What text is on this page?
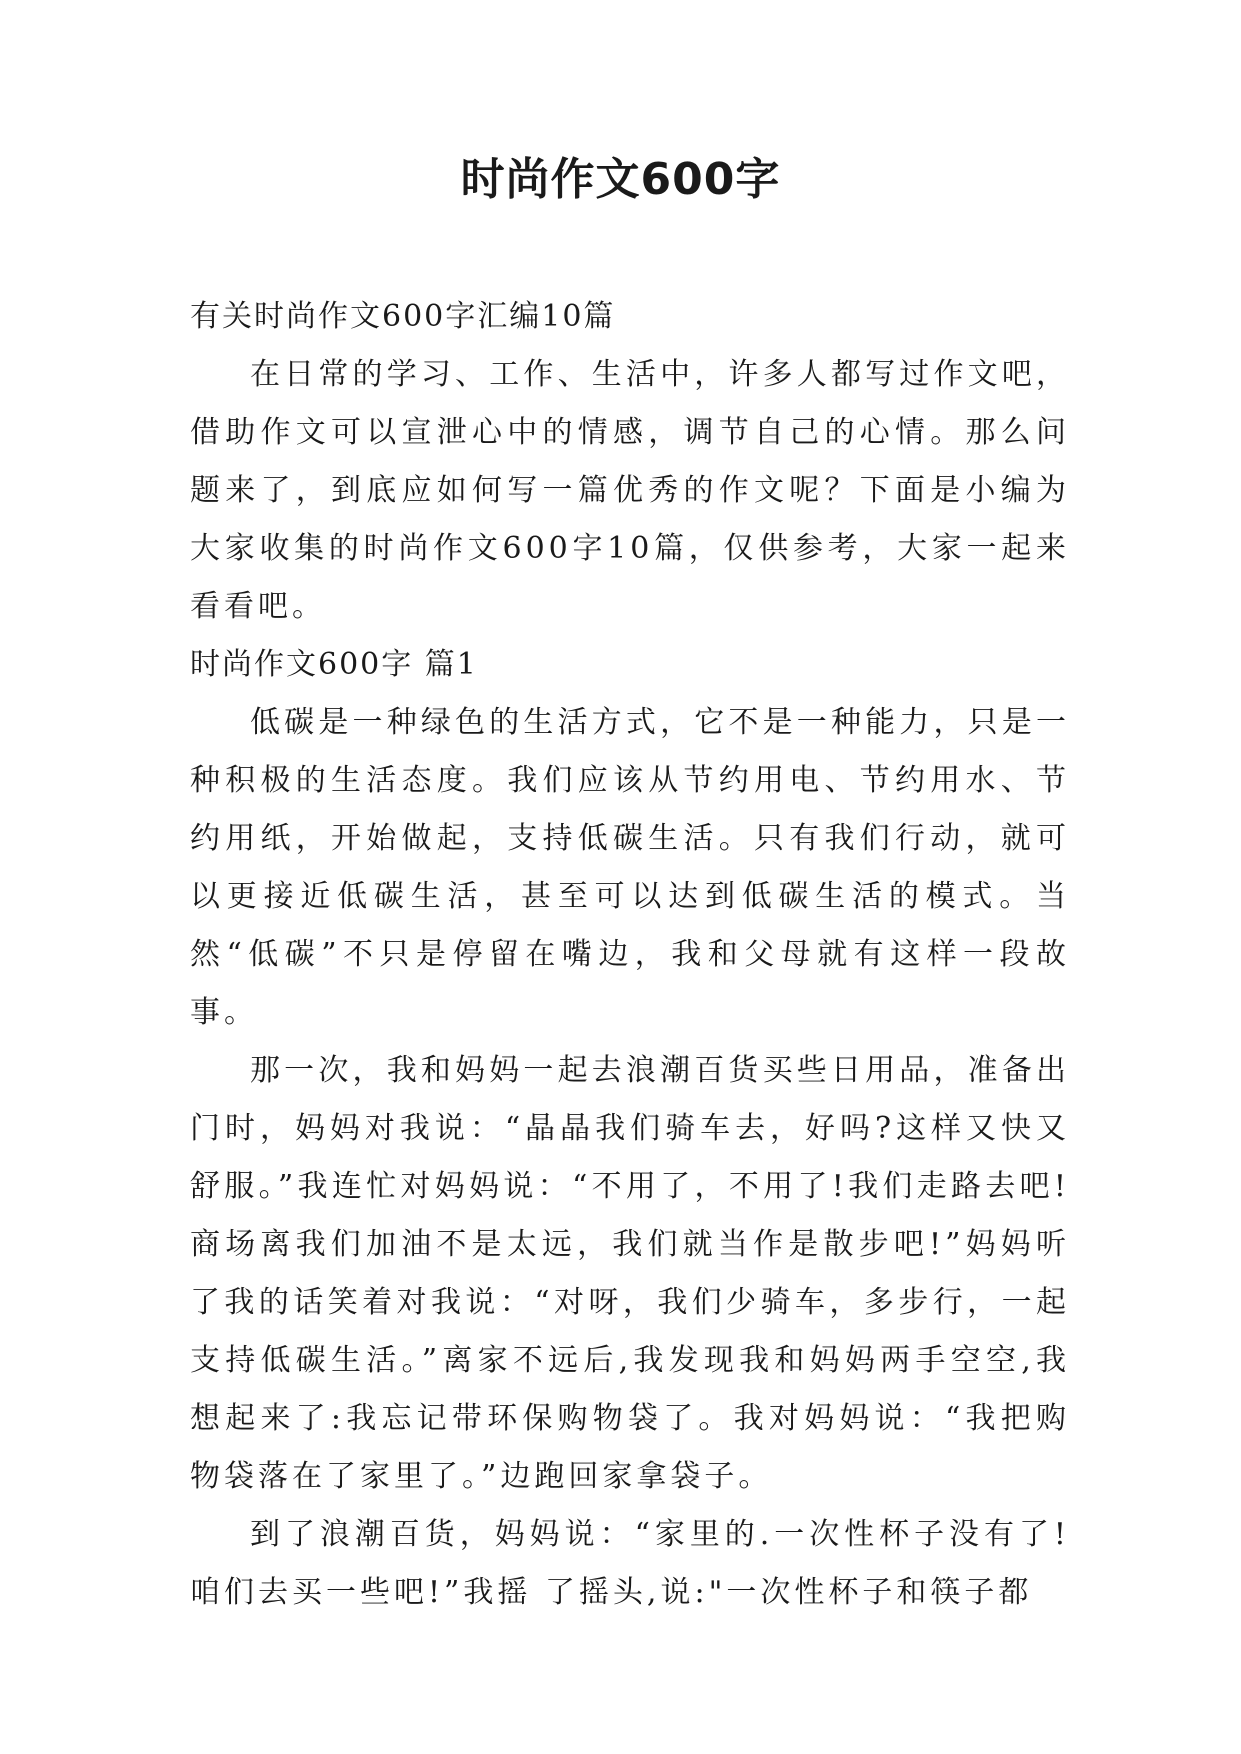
时尚作文600字

有关时尚作文600字汇编10篇

在日常的学习、工作、生活中，许多人都写过作文吧，借助作文可以宣泄心中的情感，调节自己的心情。那么问题来了，到底应如何写一篇优秀的作文呢？下面是小编为大家收集的时尚作文600字10篇，仅供参考，大家一起来看看吧。

时尚作文600字 篇1

低碳是一种绿色的生活方式，它不是一种能力，只是一种积极的生活态度。我们应该从节约用电、节约用水、节约用纸，开始做起，支持低碳生活。只有我们行动，就可以更接近低碳生活，甚至可以达到低碳生活的模式。当然“低碳”不只是停留在嘴边，我和父母就有这样一段故事。

那一次，我和妈妈一起去浪潮百货买些日用品，准备出门时，妈妈对我说：“晶晶我们骑车去，好吗?这样又快又舒服。”我连忙对妈妈说：“不用了，不用了!我们走路去吧!商场离我们加油不是太远，我们就当作是散步吧!”妈妈听了我的话笑着对我说：“对呀，我们少骑车，多步行，一起支持低碳生活。”离家不远后,我发现我和妈妈两手空空,我想起来了:我忘记带环保购物袋了。我对妈妈说：“我把购物袋落在了家里了。”边跑回家拿袋子。

到了浪潮百货，妈妈说：“家里的.一次性杯子没有了!咱们去买一些吧!”我摇 了摇头,说:"一次性杯子和筷子都
